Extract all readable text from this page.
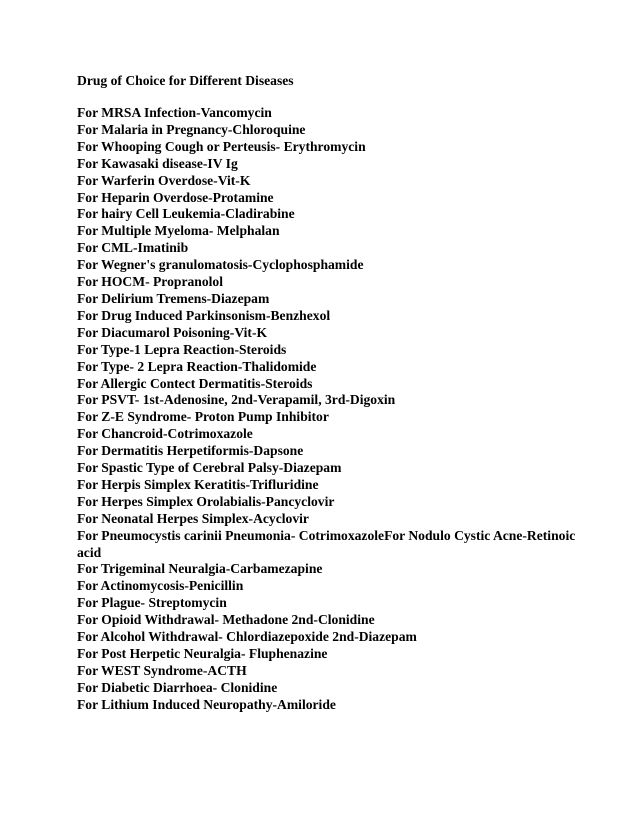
Drug of Choice for Different Diseases
For MRSA Infection-Vancomycin
For Malaria in Pregnancy-Chloroquine
For Whooping Cough or Perteusis- Erythromycin
For Kawasaki disease-IV Ig
For Warferin Overdose-Vit-K
For Heparin Overdose-Protamine
For hairy Cell Leukemia-Cladirabine
For Multiple Myeloma- Melphalan
For CML-Imatinib
For Wegner's granulomatosis-Cyclophosphamide
For HOCM- Propranolol
For Delirium Tremens-Diazepam
For Drug Induced Parkinsonism-Benzhexol
For Diacumarol Poisoning-Vit-K
For Type-1 Lepra Reaction-Steroids
For Type- 2 Lepra Reaction-Thalidomide
For Allergic Contect Dermatitis-Steroids
For PSVT- 1st-Adenosine, 2nd-Verapamil, 3rd-Digoxin
For Z-E Syndrome- Proton Pump Inhibitor
For Chancroid-Cotrimoxazole
For Dermatitis Herpetiformis-Dapsone
For Spastic Type of Cerebral Palsy-Diazepam
For Herpis Simplex Keratitis-Trifluridine
For Herpes Simplex Orolabialis-Pancyclovir
For Neonatal Herpes Simplex-Acyclovir
For Pneumocystis carinii Pneumonia- CotrimoxazoleFor Nodulo Cystic Acne-Retinoic acid
For Trigeminal Neuralgia-Carbamezapine
For Actinomycosis-Penicillin
For Plague- Streptomycin
For Opioid Withdrawal- Methadone 2nd-Clonidine
For Alcohol Withdrawal- Chlordiazepoxide 2nd-Diazepam
For Post Herpetic Neuralgia- Fluphenazine
For WEST Syndrome-ACTH
For Diabetic Diarrhoea- Clonidine
For Lithium Induced Neuropathy-Amiloride
